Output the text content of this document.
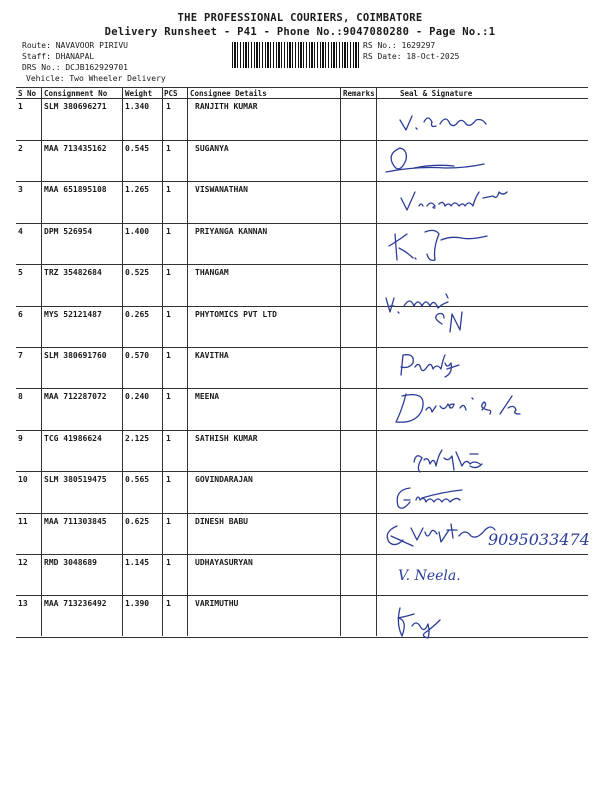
THE PROFESSIONAL COURIERS, COIMBATORE
Delivery Runsheet - P41 - Phone No.:9047080280 - Page No.:1
Route: NAVAVOOR PIRIVU
Staff: DHANAPAL
DRS No.: DCJB162929701
Vehicle: Two Wheeler Delivery
RS No.: 1629297
RS Date: 18-Oct-2025
S No Consignment No Weight PCS Consignee Details	Remarks	Seal & Signature
1	SLM 380696271 1.340 1	RANJITH KUMAR
2	MAA 713435162 0.545 1	SUGANYA
3	MAA 651895108 1.265 1	VISWANATHAN
4	DPM 526954	1.400 1	PRIYANGA KANNAN
5	TRZ 35482684	0.525 1	THANGAM
6	MYS 52121487	0.265 1	PHYTOMICS PVT LTD
7	SLM 380691760 0.570 1	KAVITHA
8	MAA 712287072 0.240 1	MEENA
9	TCG 41986624	2.125 1	SATHISH KUMAR
10 SLM 380519475 0.565 1	GOVINDARAJAN
11 MAA 711303845 0.625 1	DINESH BABU
12 RMD 3048689	1.145 1	UDHAYASURYAN
13 MAA 713236492 1.390 1	VARIMUTHU
9095033474
V. Neela.
